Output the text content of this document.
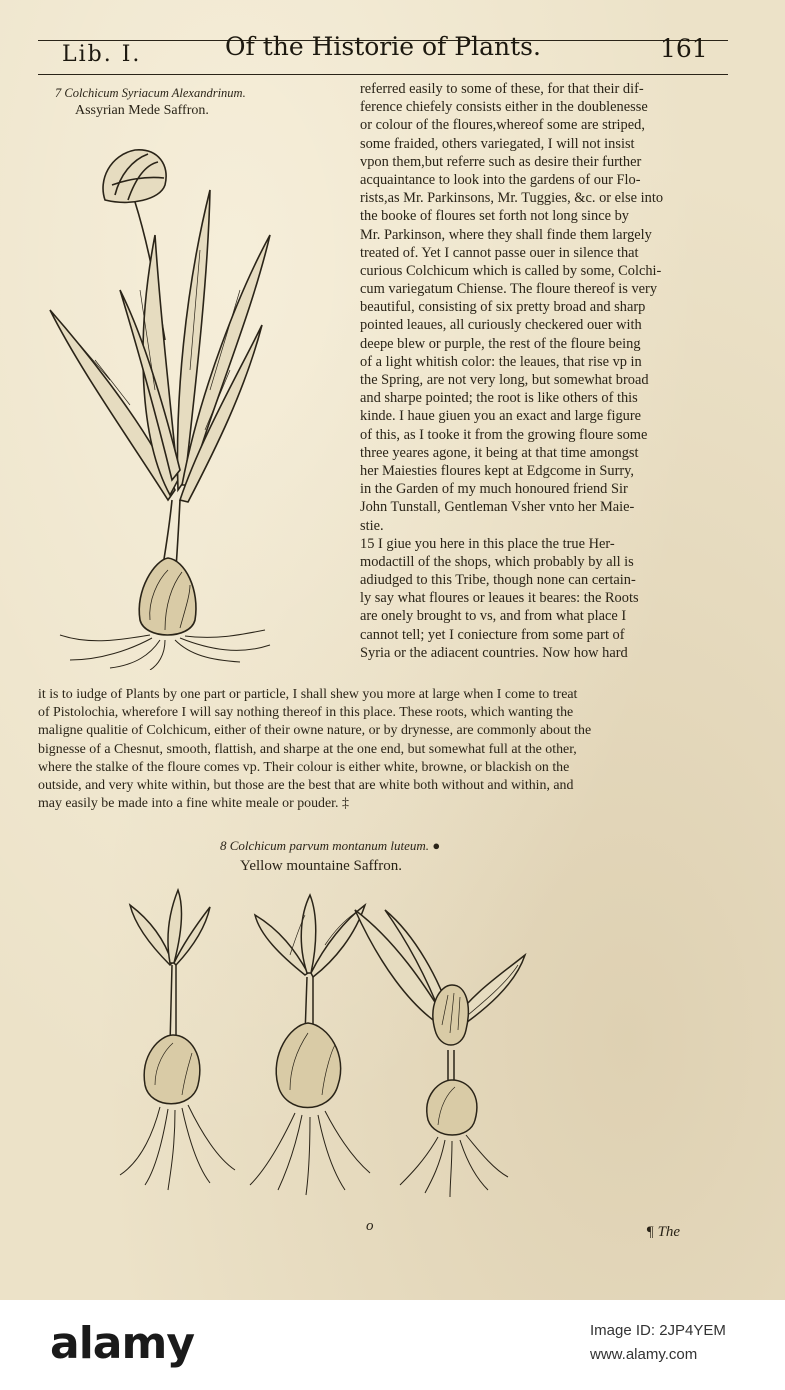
Lib. I.	Of the Historie of Plants.	161
7 Colchicum Syriacum Alexandrinum.
Assyrian Mede Saffron.
referred easily to some of these, for that their dif-
ference chiefely consists either in the doublenesse
or colour of the floures,whereof some are striped,
some fraided, others variegated, I will not insist
vpon them,but referre such as desire their further
acquaintance to look into the gardens of our Flo-
rists,as Mr. Parkinsons, Mr. Tuggies, &c. or else into
the booke of floures set forth not long since by
Mr. Parkinson, where they shall finde them largely
treated of. Yet I cannot passe ouer in silence that
curious Colchicum which is called by some, Colchi-
cum variegatum Chiense. The floure thereof is very
beautiful, consisting of six pretty broad and sharp
pointed leaues, all curiously checkered ouer with
deepe blew or purple, the rest of the floure being
of a light whitish color: the leaues, that rise vp in
the Spring, are not very long, but somewhat broad
and sharpe pointed; the root is like others of this
kinde. I haue giuen you an exact and large figure
of this, as I tooke it from the growing floure some
three yeares agone, it being at that time amongst
her Maiesties floures kept at Edgcome in Surry,
in the Garden of my much honoured friend Sir
John Tunstall, Gentleman Vsher vnto her Maie-
stie.
15 I giue you here in this place the true Her-
modactill of the shops, which probably by all is
adiudged to this Tribe, though none can certain-
ly say what floures or leaues it beares: the Roots
are onely brought to vs, and from what place I
cannot tell; yet I coniecture from some part of
Syria or the adiacent countries. Now how hard
it is to iudge of Plants by one part or particle, I shall shew you more at large when I come to treat
of Pistolochia, wherefore I will say nothing thereof in this place. These roots, which wanting the
maligne qualitie of Colchicum, either of their owne nature, or by drynesse, are commonly about the
bignesse of a Chesnut, smooth, flattish, and sharpe at the one end, but somewhat full at the other,
where the stalke of the floure comes vp. Their colour is either white, browne, or blackish on the
outside, and very white within, but those are the best that are white both without and within, and
may easily be made into a fine white meale or pouder. ‡
8 Colchicum parvum montanum luteum. ●
Yellow mountaine Saffron.
o	¶ The
alamy	Image ID: 2JP4YEM
www.alamy.com
